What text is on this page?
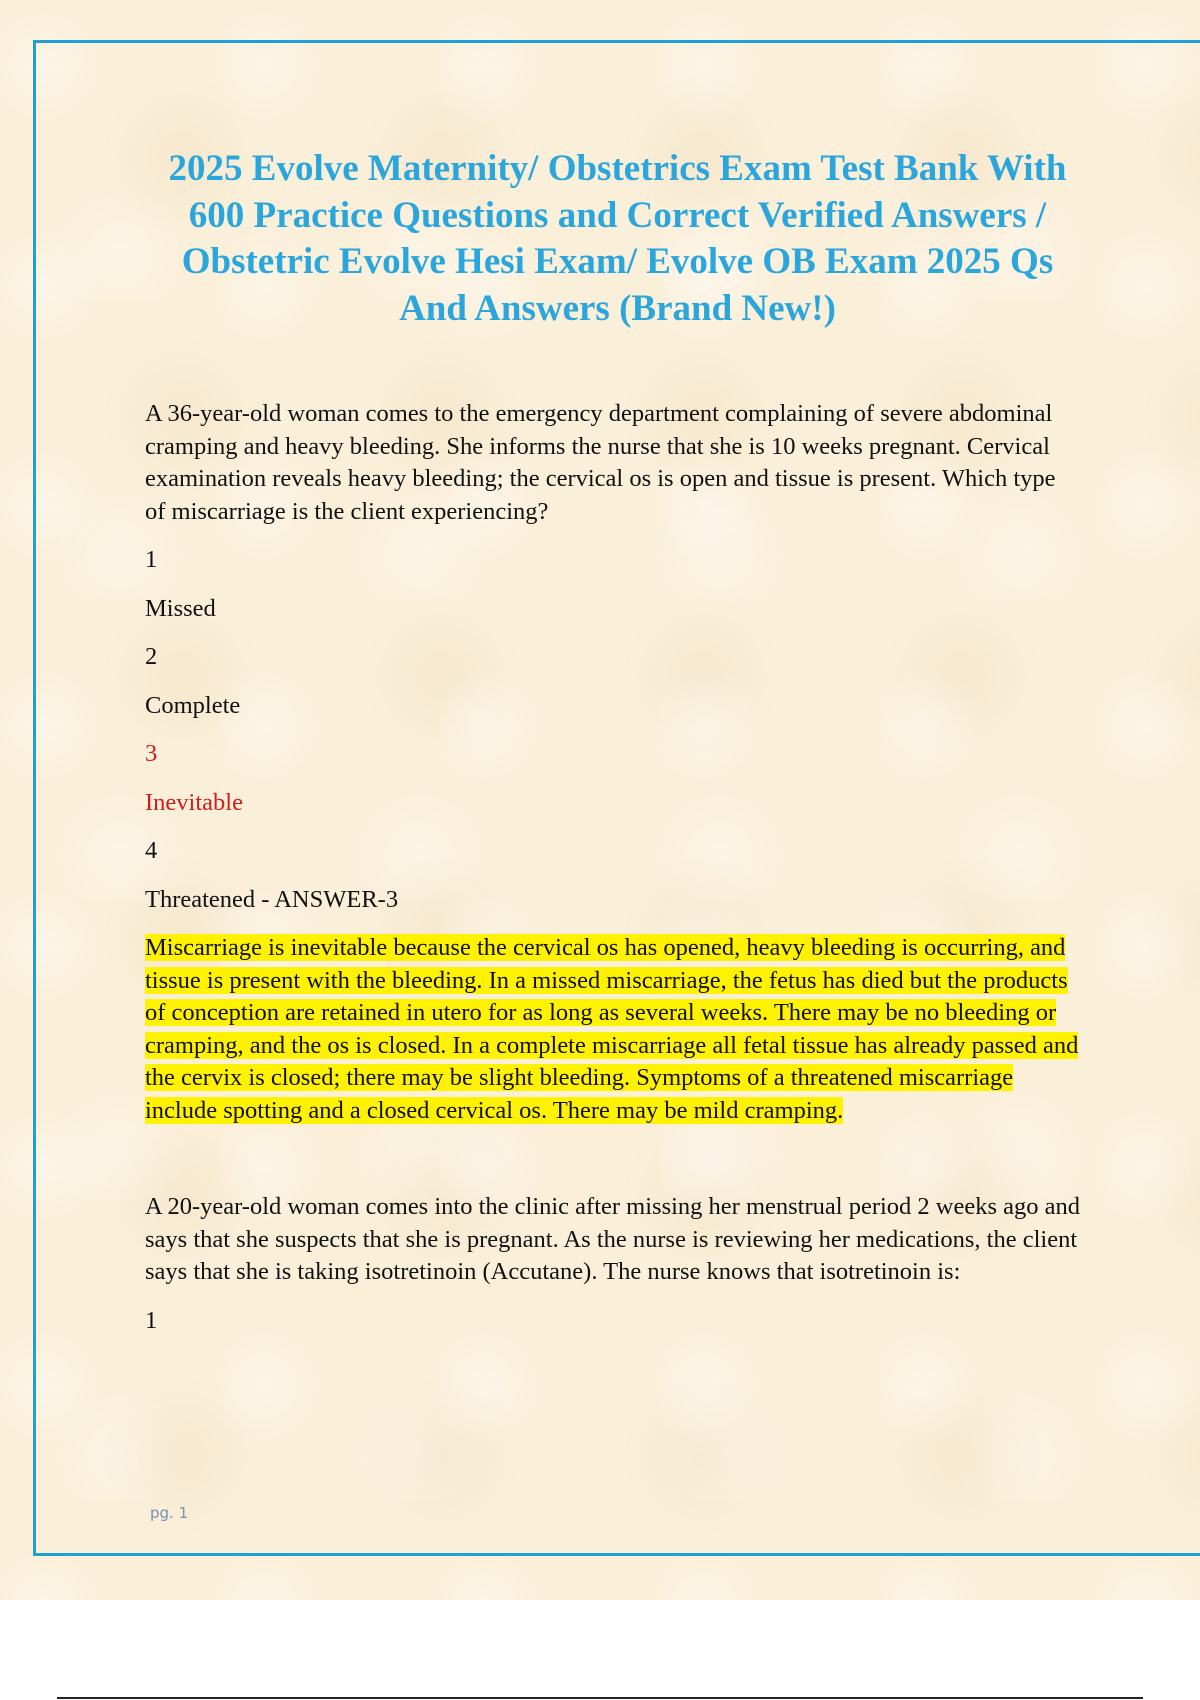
2025 Evolve Maternity/ Obstetrics Exam Test Bank With 600 Practice Questions and Correct Verified Answers / Obstetric Evolve Hesi Exam/ Evolve OB Exam 2025 Qs And Answers (Brand New!)

A 36-year-old woman comes to the emergency department complaining of severe abdominal cramping and heavy bleeding. She informs the nurse that she is 10 weeks pregnant. Cervical examination reveals heavy bleeding; the cervical os is open and tissue is present. Which type of miscarriage is the client experiencing?

1

Missed

2

Complete

3

Inevitable

4

Threatened - ANSWER-3

Miscarriage is inevitable because the cervical os has opened, heavy bleeding is occurring, and tissue is present with the bleeding. In a missed miscarriage, the fetus has died but the products of conception are retained in utero for as long as several weeks. There may be no bleeding or cramping, and the os is closed. In a complete miscarriage all fetal tissue has already passed and the cervix is closed; there may be slight bleeding. Symptoms of a threatened miscarriage include spotting and a closed cervical os. There may be mild cramping.

A 20-year-old woman comes into the clinic after missing her menstrual period 2 weeks ago and says that she suspects that she is pregnant. As the nurse is reviewing her medications, the client says that she is taking isotretinoin (Accutane). The nurse knows that isotretinoin is:

1

pg. 1
